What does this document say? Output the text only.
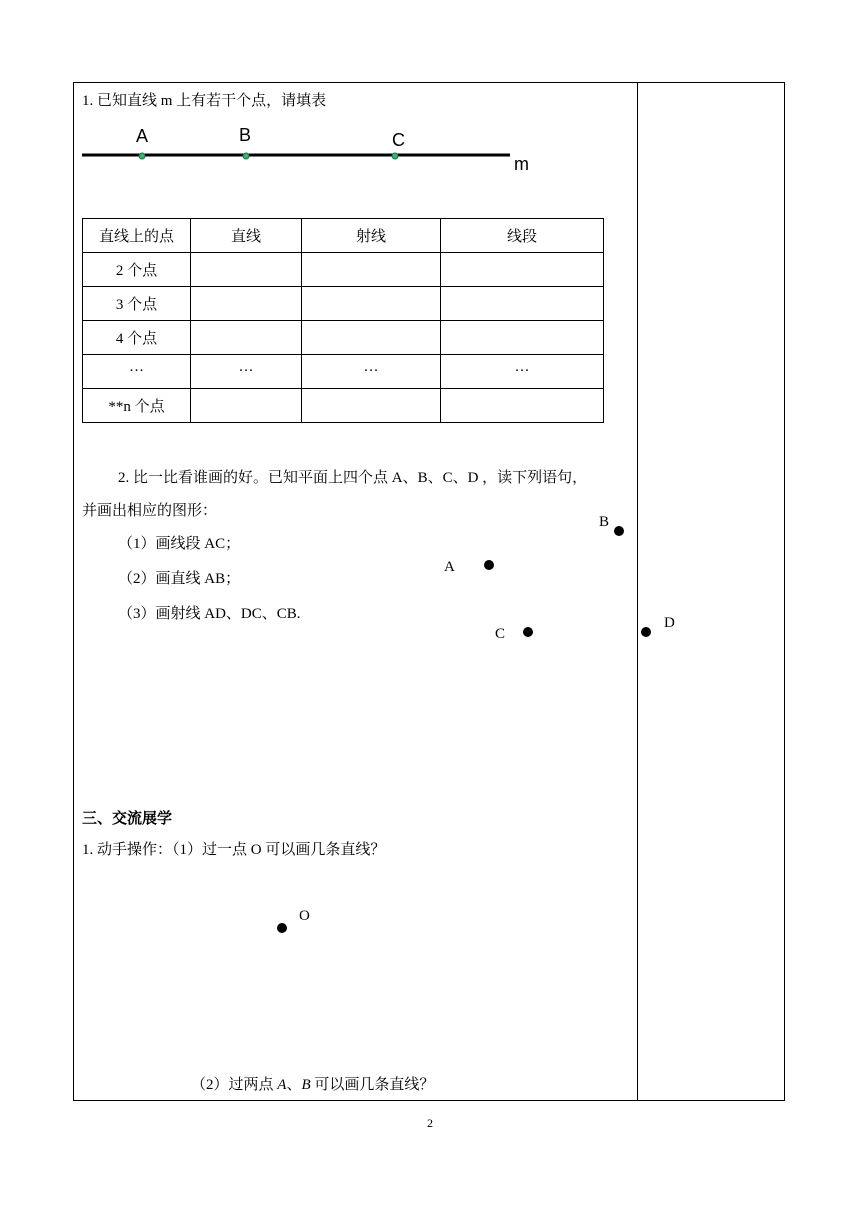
1. 已知直线 m 上有若干个点，请填表
A	B	C
m
直线上的点	直线	射线	线段
2 个点			
3 个点			
4 个点			
···	···	···	···
**n 个点			
2. 比一比看谁画的好。已知平面上四个点 A、B、C、D ，读下列语句，
并画出相应的图形：
（1）画线段 AC；
（2）画直线 AB；
（3）画射线 AD、DC、CB.
B
A
C
D
三、交流展学
1. 动手操作：（1）过一点 O 可以画几条直线？
O
（2）过两点 A、B 可以画几条直线？
2
